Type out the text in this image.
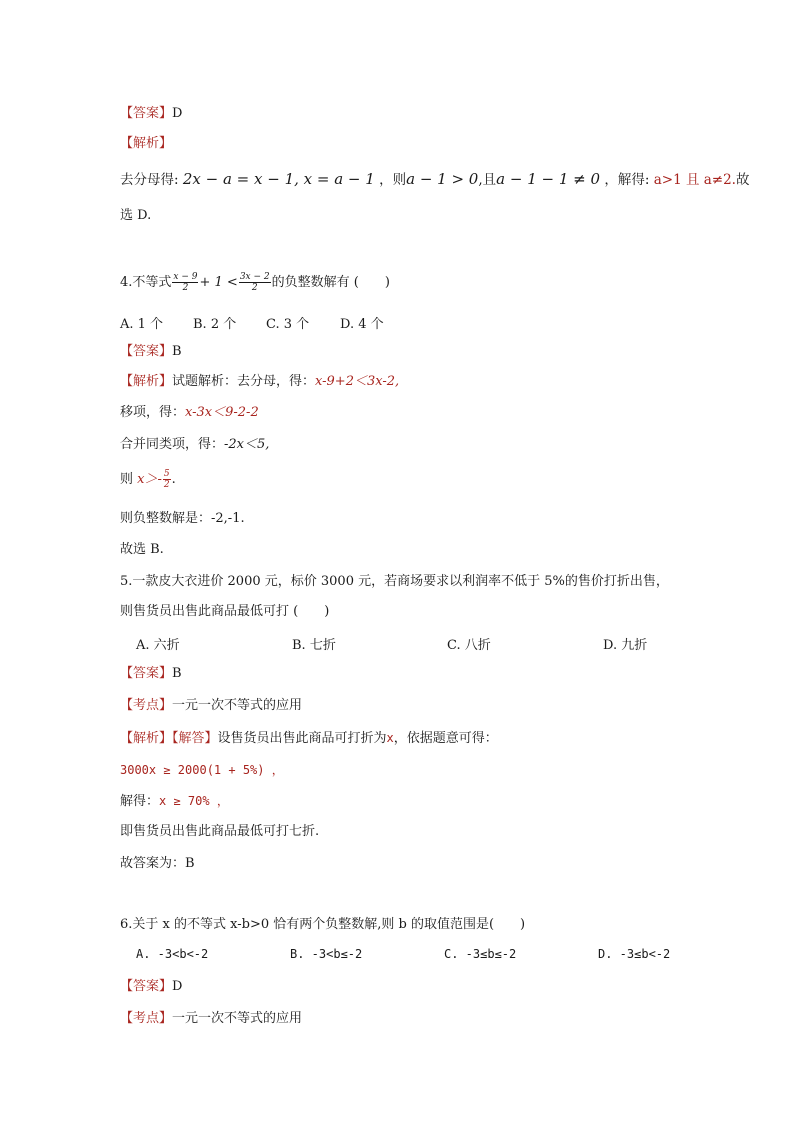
【答案】D
【解析】
去分母得: 2x − a = x − 1, x = a − 1 ，则a − 1 > 0,且a − 1 − 1 ≠ 0 ，解得: a>1 且 a≠2.故
选 D.
4.不等式 $\frac{x - 9}{2} + 1 < \frac{3x - 2}{2}$ 的负整数解有 (　　)
A. 1 个 B. 2 个 C. 3 个 D. 4 个
【答案】B
【解析】试题解析：去分母，得：x-9+2＜3x-2,
移项，得：x-3x＜9-2-2
合并同类项，得：-2x＜5,
则 $x>- \frac{5}{2}$ .
则负整数解是：-2,-1.
故选 B.
5.一款皮大衣进价 2000 元，标价 3000 元，若商场要求以利润率不低于 5%的售价打折出售，
则售货员出售此商品最低可打 (　　)
A. 六折	B. 七折	C. 八折	D. 九折
【答案】B
【考点】一元一次不等式的应用
【解析】【解答】设售货员出售此商品可打折为x，依据题意可得：
3000x ≥ 2000(1 + 5%) ，
解得：x ≥ 70% ，
即售货员出售此商品最低可打七折.
故答案为：B
6.关于 x 的不等式 x-b>0 恰有两个负整数解,则 b 的取值范围是(　　)
A. -3<b<-2	B. -3<b≤-2	C. -3≤b≤-2	D. -3≤b<-2
【答案】D
【考点】一元一次不等式的应用
